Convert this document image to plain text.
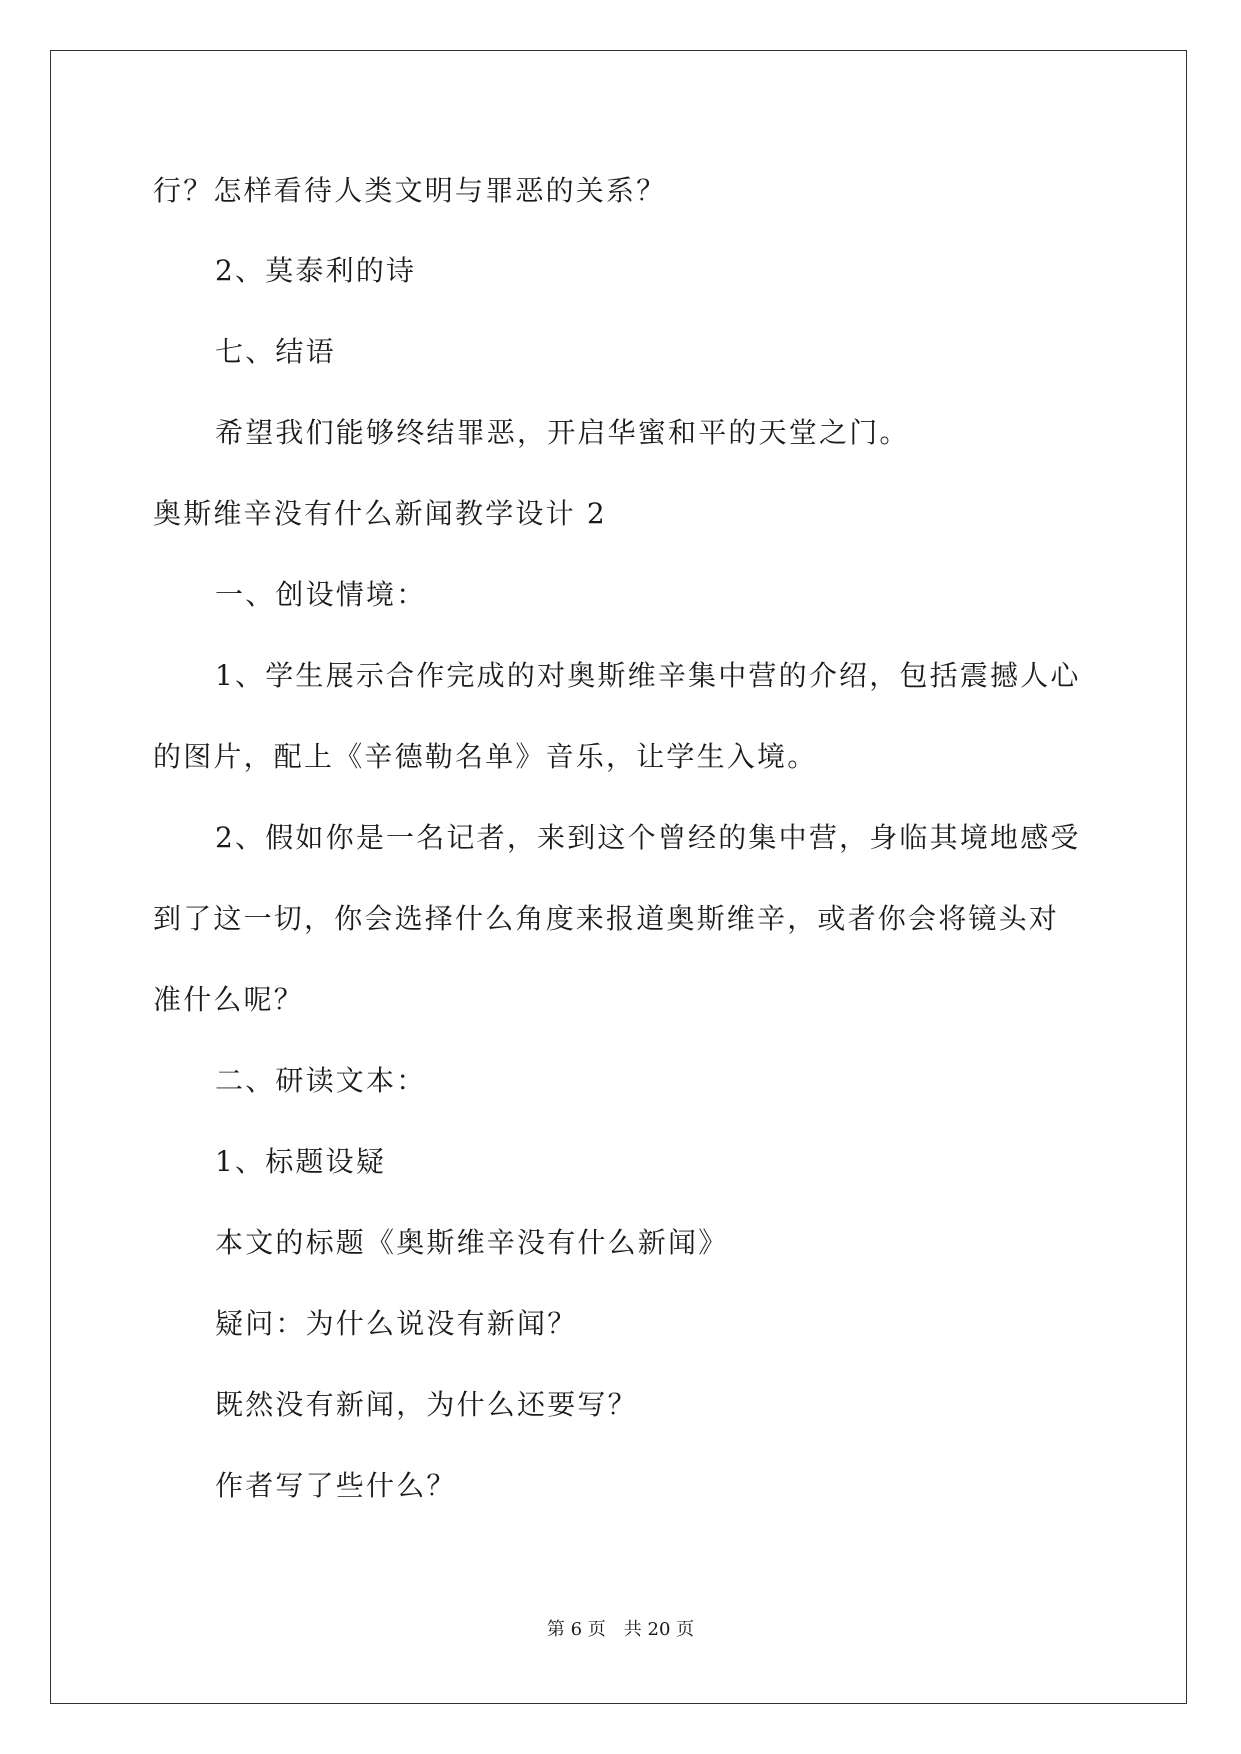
行？怎样看待人类文明与罪恶的关系？
2、莫泰利的诗
七、结语
希望我们能够终结罪恶，开启华蜜和平的天堂之门。
奥斯维辛没有什么新闻教学设计 2
一、创设情境：
1、学生展示合作完成的对奥斯维辛集中营的介绍，包括震撼人心
的图片，配上《辛德勒名单》音乐，让学生入境。
2、假如你是一名记者，来到这个曾经的集中营，身临其境地感受
到了这一切，你会选择什么角度来报道奥斯维辛，或者你会将镜头对
准什么呢？
二、研读文本：
1、标题设疑
本文的标题《奥斯维辛没有什么新闻》
疑问：为什么说没有新闻？
既然没有新闻，为什么还要写？
作者写了些什么？
第 6 页 共 20 页
